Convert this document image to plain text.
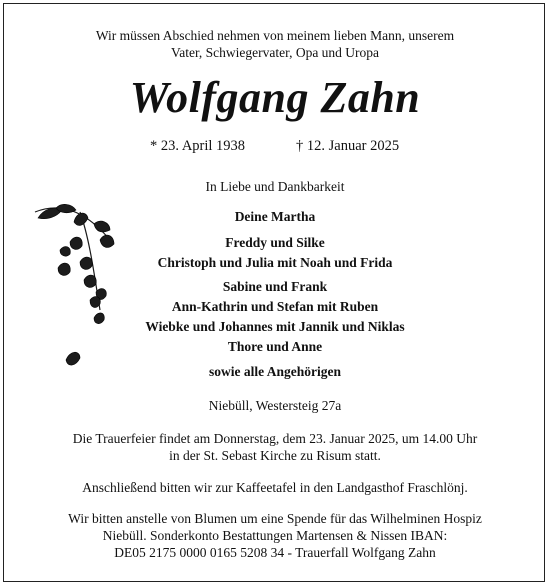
Wir müssen Abschied nehmen von meinem lieben Mann, unserem
Vater, Schwiegervater, Opa und Uropa
Wolfgang Zahn
* 23. April 1938	† 12. Januar 2025
In Liebe und Dankbarkeit
Deine Martha
Freddy und Silke
Christoph und Julia mit Noah und Frida
Sabine und Frank
Ann-Kathrin und Stefan mit Ruben
Wiebke und Johannes mit Jannik und Niklas
Thore und Anne
sowie alle Angehörigen
Niebüll, Westersteig 27a
Die Trauerfeier findet am Donnerstag, dem 23. Januar 2025, um 14.00 Uhr
in der St. Sebast Kirche zu Risum statt.
Anschließend bitten wir zur Kaffeetafel in den Landgasthof Fraschlönj.
Wir bitten anstelle von Blumen um eine Spende für das Wilhelminen Hospiz
Niebüll. Sonderkonto Bestattungen Martensen & Nissen IBAN:
DE05 2175 0000 0165 5208 34 - Trauerfall Wolfgang Zahn
